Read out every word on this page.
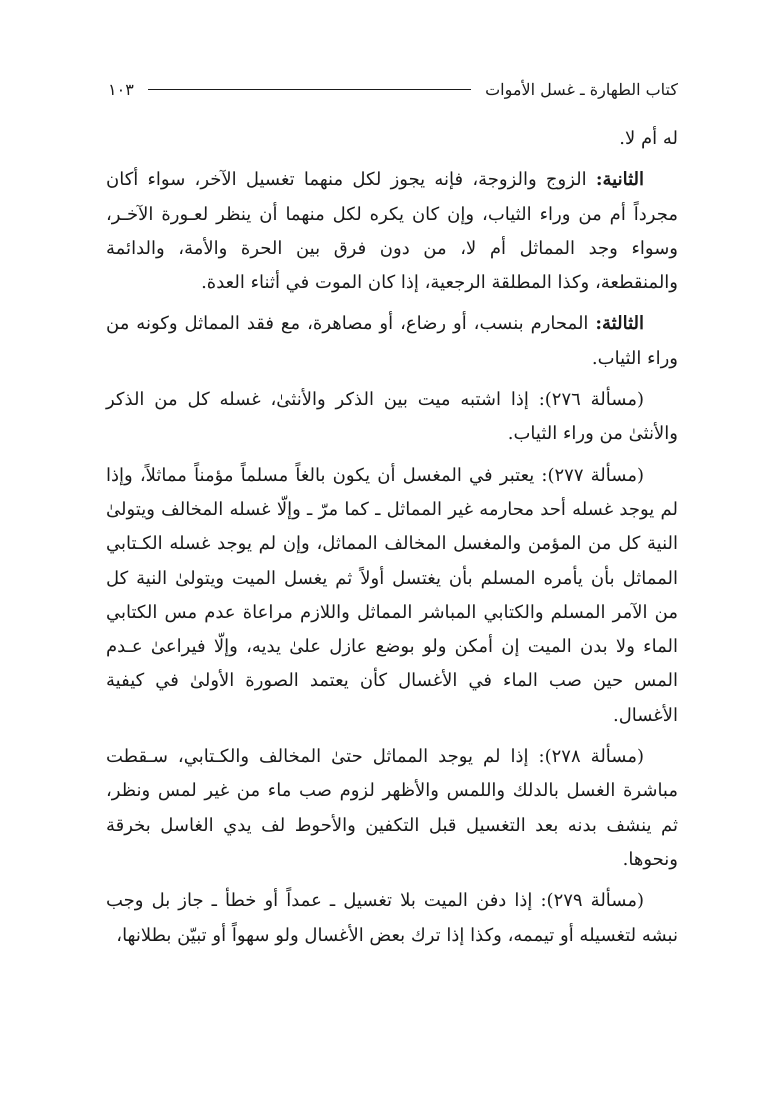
كتاب الطهارة ـ غسل الأموات
١٠٣

له أم لا.

الثانية: الزوج والزوجة، فإنه يجوز لكل منهما تغسيل الآخر، سواء أكان مجرداً أم من وراء الثياب، وإن كان يكره لكل منهما أن ينظر لعـورة الآخـر، وسواء وجد المماثل أم لا، من دون فرق بين الحرة والأمة، والدائمة والمنقطعة، وكذا المطلقة الرجعية، إذا كان الموت في أثناء العدة.

الثالثة: المحارم بنسب، أو رضاع، أو مصاهرة، مع فقد المماثل وكونه من وراء الثياب.

(مسألة ٢٧٦): إذا اشتبه ميت بين الذكر والأنثىٰ، غسله كل من الذكر والأنثىٰ من وراء الثياب.

(مسألة ٢٧٧): يعتبر في المغسل أن يكون بالغاً مسلماً مؤمناً مماثلاً، وإذا لم يوجد غسله أحد محارمه غير المماثل ـ كما مرّ ـ وإلّا غسله المخالف ويتولىٰ النية كل من المؤمن والمغسل المخالف المماثل، وإن لم يوجد غسله الكـتابي المماثل بأن يأمره المسلم بأن يغتسل أولاً ثم يغسل الميت ويتولىٰ النية كل من الآمر المسلم والكتابي المباشر المماثل واللازم مراعاة عدم مس الكتابي الماء ولا بدن الميت إن أمكن ولو بوضع عازل علىٰ يديه، وإلّا فيراعىٰ عـدم المس حين صب الماء في الأغسال كأن يعتمد الصورة الأولىٰ في كيفية الأغسال.

(مسألة ٢٧٨): إذا لم يوجد المماثل حتىٰ المخالف والكـتابي، سـقطت مباشرة الغسل بالدلك واللمس والأظهر لزوم صب ماء من غير لمس ونظر، ثم ينشف بدنه بعد التغسيل قبل التكفين والأحوط لف يدي الغاسل بخرقة ونحوها.

(مسألة ٢٧٩): إذا دفن الميت بلا تغسيل ـ عمداً أو خطأ ـ جاز بل وجب نبشه لتغسيله أو تيممه، وكذا إذا ترك بعض الأغسال ولو سهواً أو تبيّن بطلانها،
